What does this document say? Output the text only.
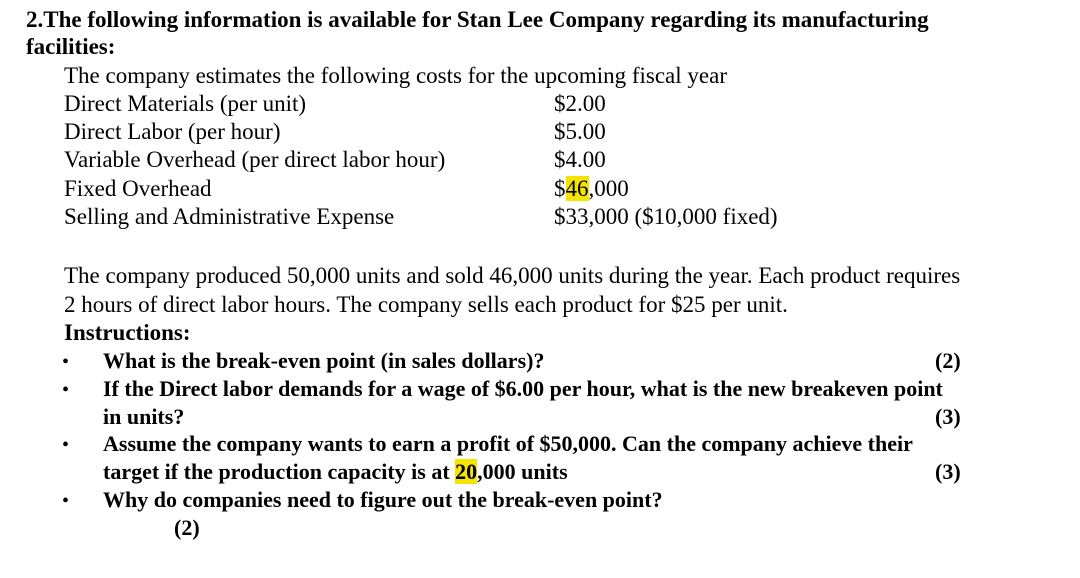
2.The following information is available for Stan Lee Company regarding its manufacturing
facilities:
The company estimates the following costs for the upcoming fiscal year
Direct Materials (per unit)	$2.00
Direct Labor (per hour)	$5.00
Variable Overhead (per direct labor hour)	$4.00
Fixed Overhead	$46,000
Selling and Administrative Expense	$33,000 ($10,000 fixed)
The company produced 50,000 units and sold 46,000 units during the year. Each product requires
2 hours of direct labor hours. The company sells each product for $25 per unit.
Instructions:
• What is the break-even point (in sales dollars)?	(2)
• If the Direct labor demands for a wage of $6.00 per hour, what is the new breakeven point
in units?	(3)
• Assume the company wants to earn a profit of $50,000. Can the company achieve their
target if the production capacity is at 20,000 units	(3)
• Why do companies need to figure out the break-even point?
(2)
